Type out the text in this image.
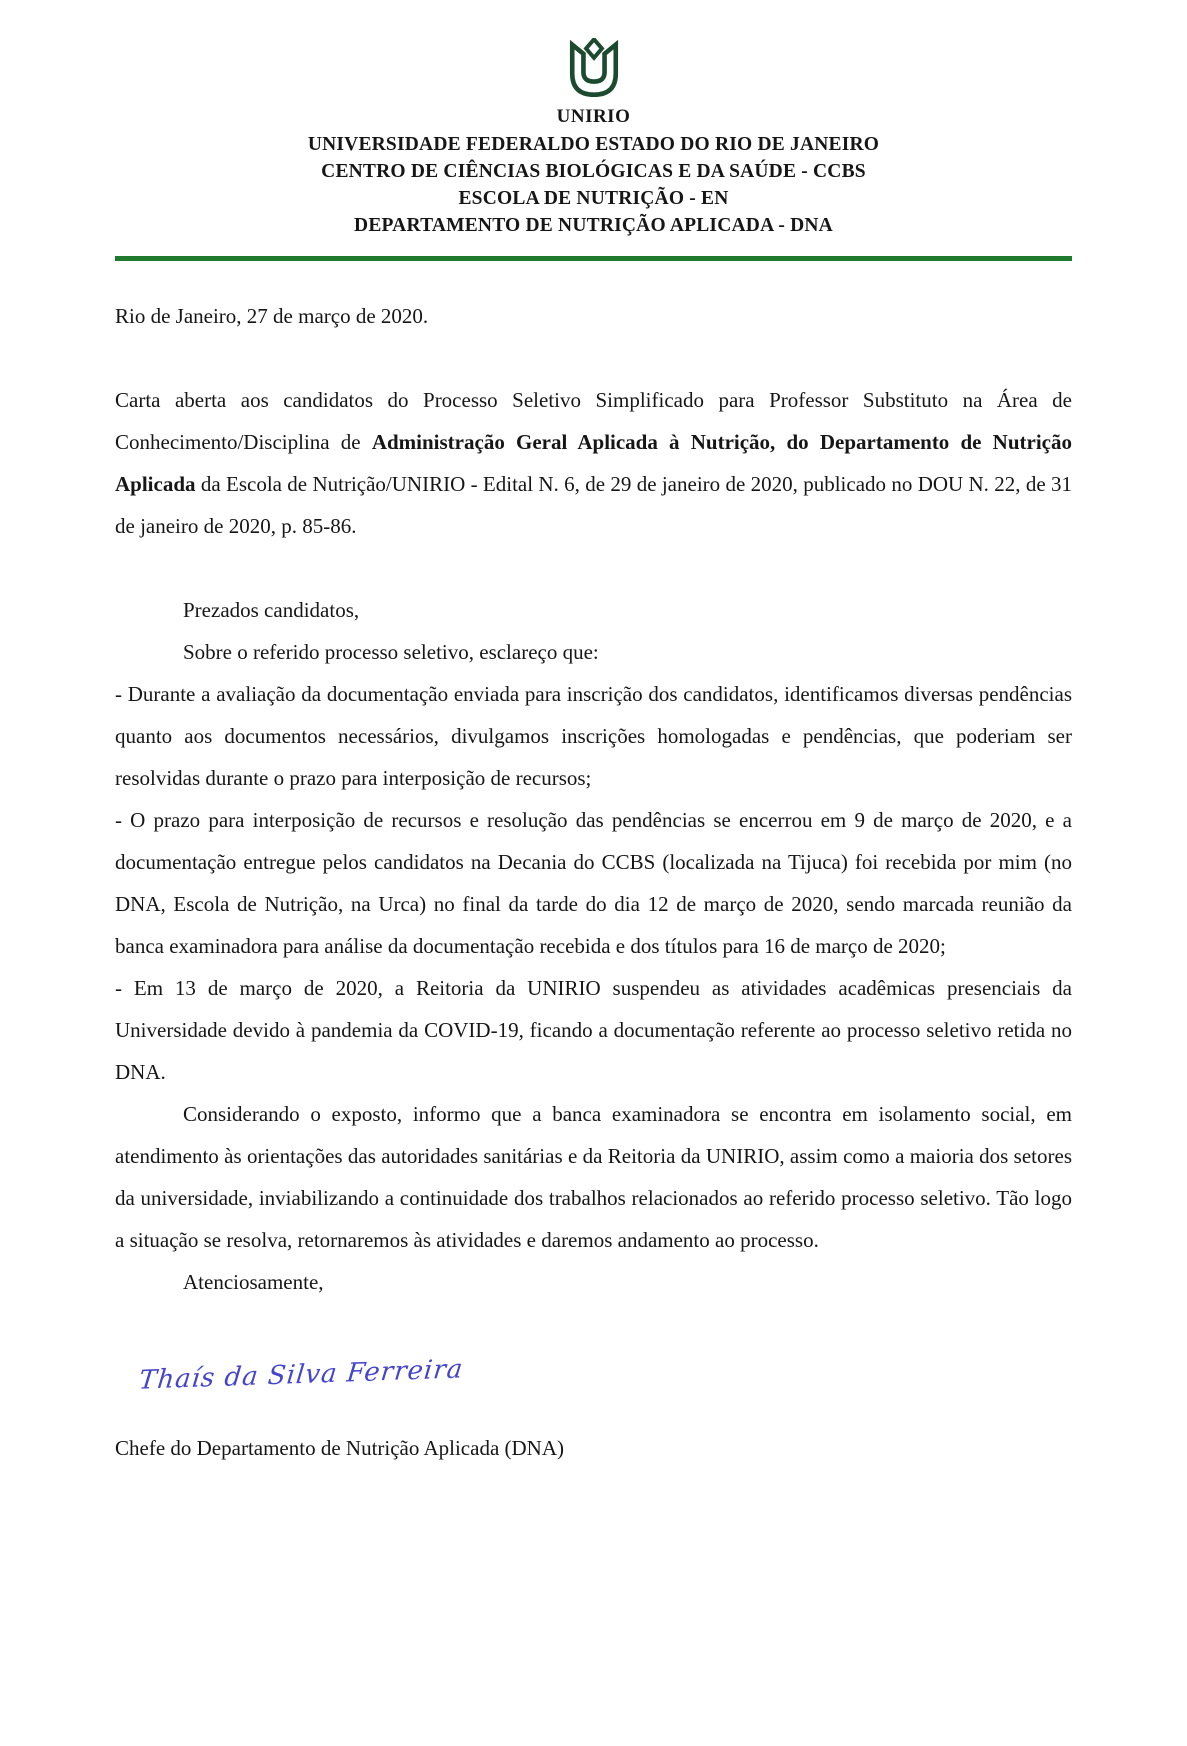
UNIRIO

UNIVERSIDADE FEDERALDO ESTADO DO RIO DE JANEIRO

CENTRO DE CIÊNCIAS BIOLÓGICAS E DA SAÚDE - CCBS

ESCOLA DE NUTRIÇÃO - EN

DEPARTAMENTO DE NUTRIÇÃO APLICADA - DNA

Rio de Janeiro, 27 de março de 2020.

Carta aberta aos candidatos do Processo Seletivo Simplificado para Professor Substituto na Área de Conhecimento/Disciplina de Administração Geral Aplicada à Nutrição, do Departamento de Nutrição Aplicada da Escola de Nutrição/UNIRIO - Edital N. 6, de 29 de janeiro de 2020, publicado no DOU N. 22, de 31 de janeiro de 2020, p. 85-86.

Prezados candidatos,

Sobre o referido processo seletivo, esclareço que:

- Durante a avaliação da documentação enviada para inscrição dos candidatos, identificamos diversas pendências quanto aos documentos necessários, divulgamos inscrições homologadas e pendências, que poderiam ser resolvidas durante o prazo para interposição de recursos;

- O prazo para interposição de recursos e resolução das pendências se encerrou em 9 de março de 2020, e a documentação entregue pelos candidatos na Decania do CCBS (localizada na Tijuca) foi recebida por mim (no DNA, Escola de Nutrição, na Urca) no final da tarde do dia 12 de março de 2020, sendo marcada reunião da banca examinadora para análise da documentação recebida e dos títulos para 16 de março de 2020;

- Em 13 de março de 2020, a Reitoria da UNIRIO suspendeu as atividades acadêmicas presenciais da Universidade devido à pandemia da COVID-19, ficando a documentação referente ao processo seletivo retida no DNA.

Considerando o exposto, informo que a banca examinadora se encontra em isolamento social, em atendimento às orientações das autoridades sanitárias e da Reitoria da UNIRIO, assim como a maioria dos setores da universidade, inviabilizando a continuidade dos trabalhos relacionados ao referido processo seletivo. Tão logo a situação se resolva, retornaremos às atividades e daremos andamento ao processo.

Atenciosamente,

Thaís da Silva Ferreira

Chefe do Departamento de Nutrição Aplicada (DNA)
